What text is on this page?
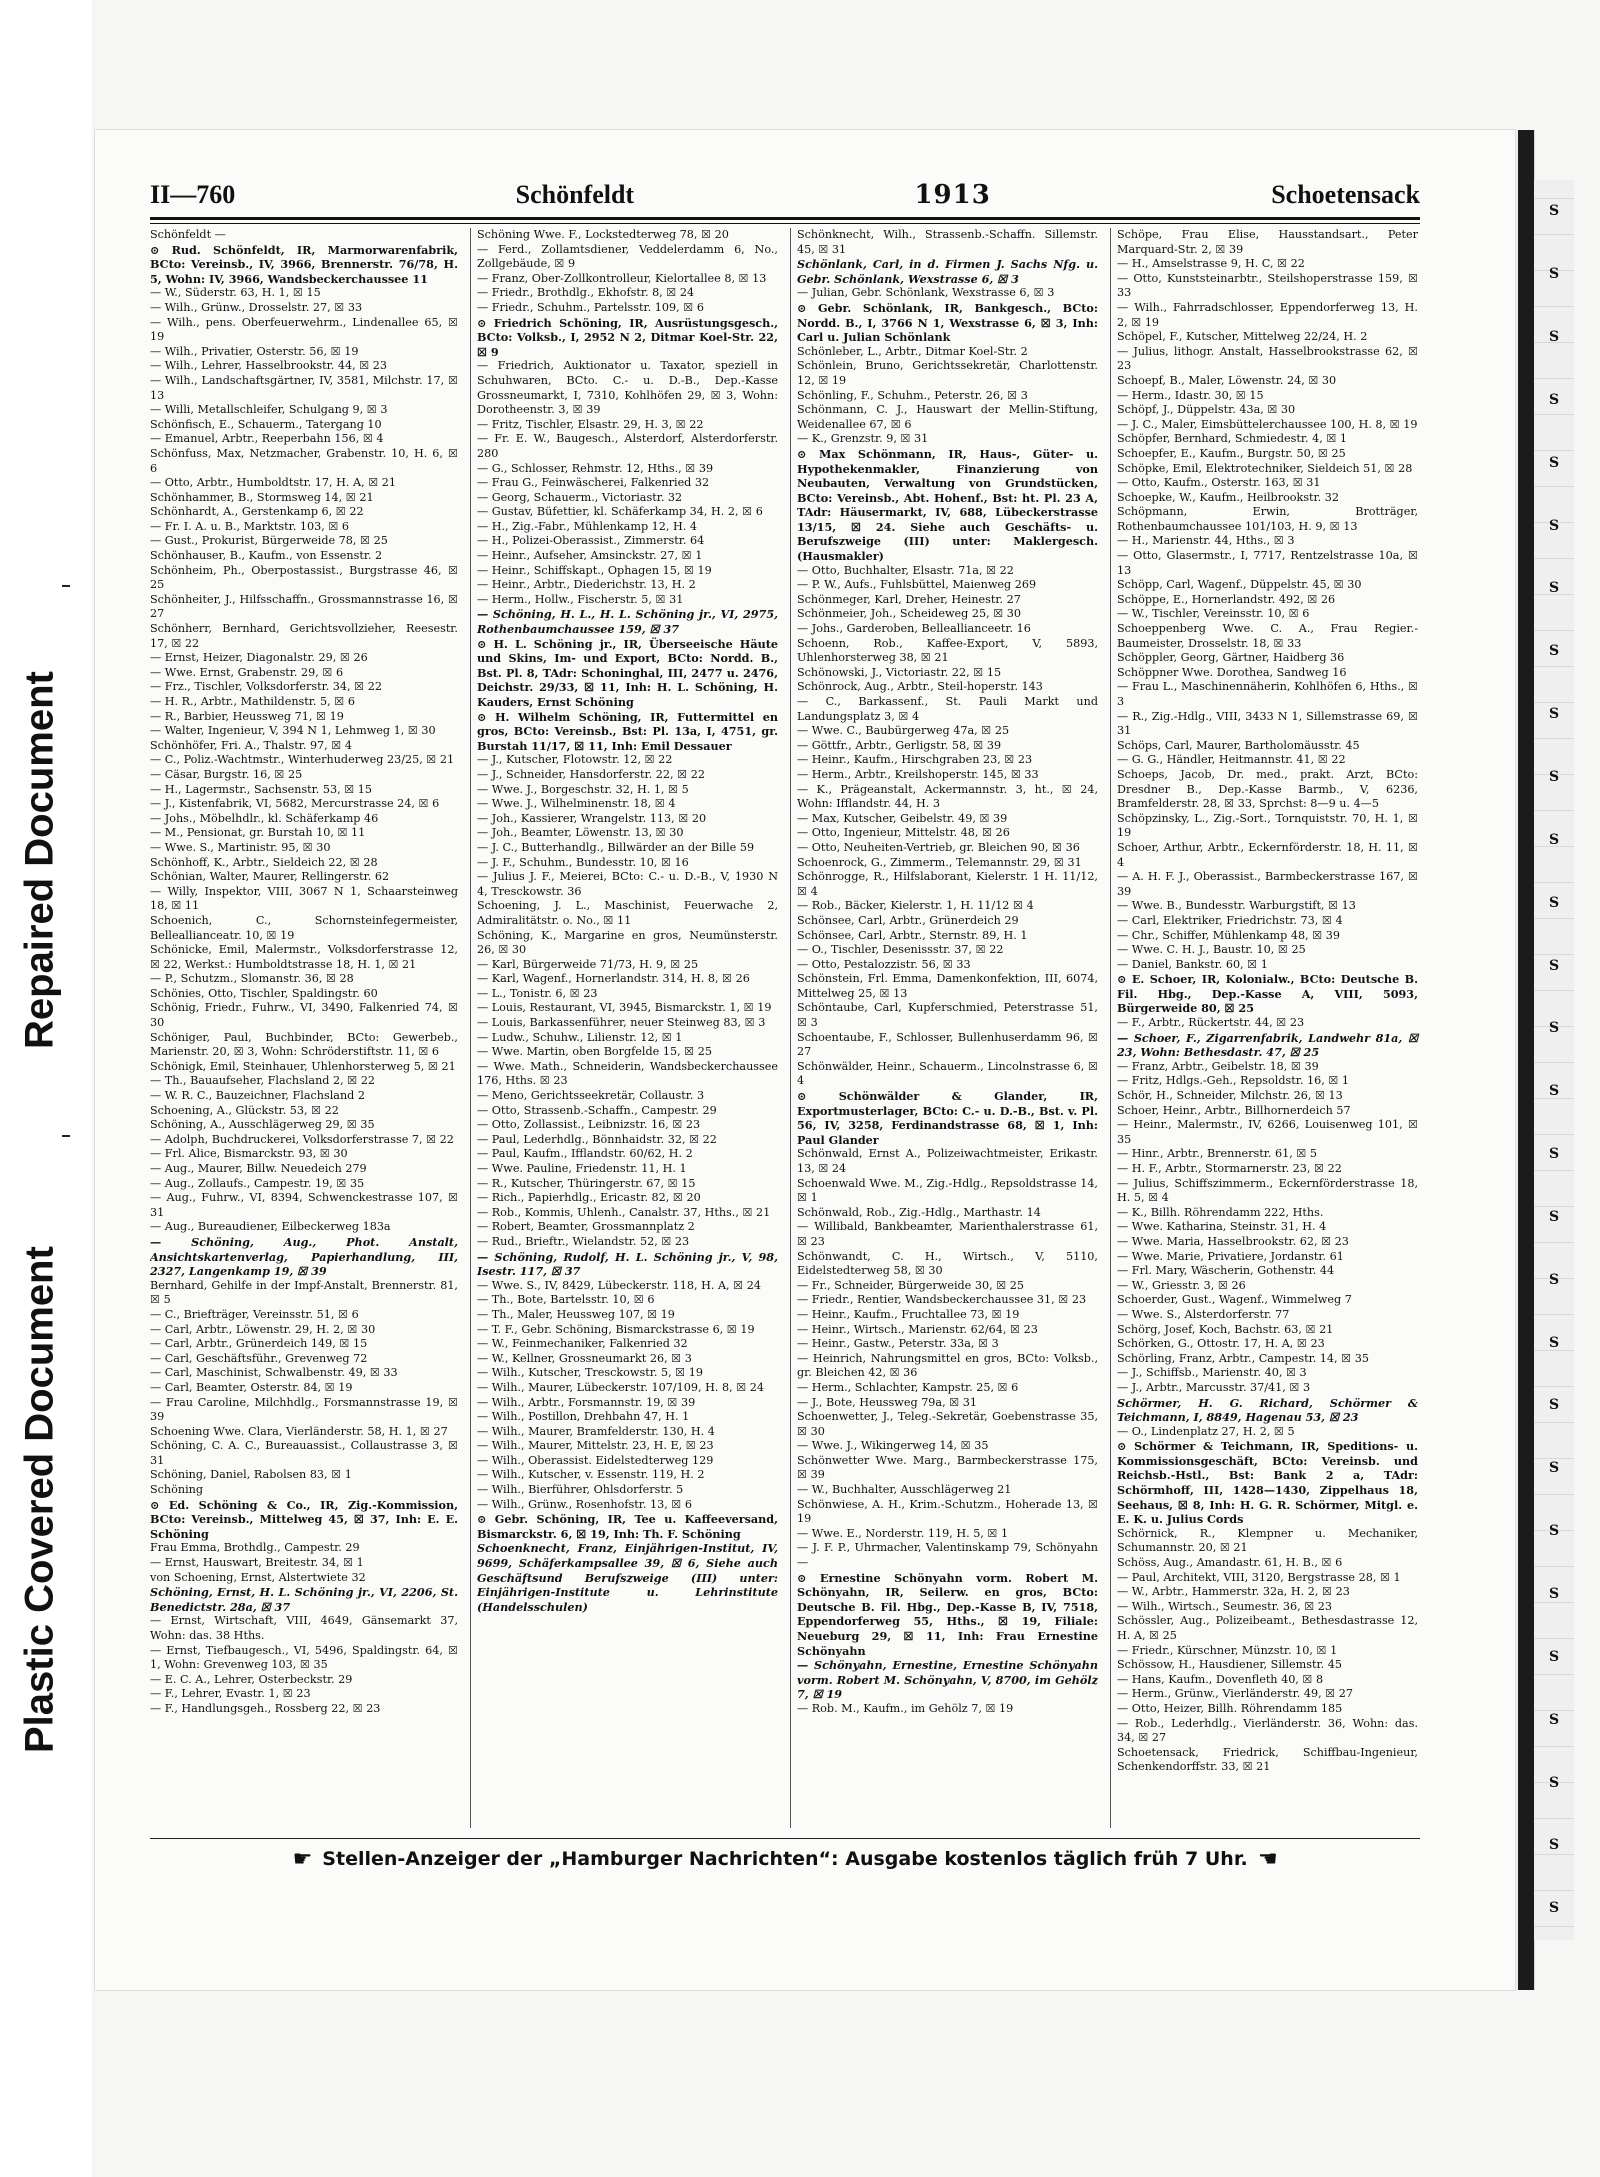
Repaired Document
Plastic Covered Document
S
S
S
S
S
S
S
S
S
S
S
S
S
S
S
S
S
S
S
S
S
S
S
S
S
S
S
S
II—760	Schönfeldt	1913	Schoetensack

Schönfeldt —

⊙ Rud. Schönfeldt, IR, Marmorwarenfabrik, BCto: Vereinsb., IV, 3966, Brennerstr. 76/78, H. 5, Wohn: IV, 3966, Wandsbeckerchaussee 11

— W., Süderstr. 63, H. 1, ☒ 15

— Wilh., Grünw., Drosselstr. 27, ☒ 33

— Wilh., pens. Oberfeuerwehrm., Lindenallee 65, ☒ 19

— Wilh., Privatier, Osterstr. 56, ☒ 19

— Wilh., Lehrer, Hasselbrookstr. 44, ☒ 23

— Wilh., Landschaftsgärtner, IV, 3581, Milchstr. 17, ☒ 13

— Willi, Metallschleifer, Schulgang 9, ☒ 3

Schönfisch, E., Schauerm., Tatergang 10

— Emanuel, Arbtr., Reeperbahn 156, ☒ 4

Schönfuss, Max, Netzmacher, Grabenstr. 10, H. 6, ☒ 6

— Otto, Arbtr., Humboldtstr. 17, H. A, ☒ 21

Schönhammer, B., Stormsweg 14, ☒ 21

Schönhardt, A., Gerstenkamp 6, ☒ 22

— Fr. I. A. u. B., Marktstr. 103, ☒ 6

— Gust., Prokurist, Bürgerweide 78, ☒ 25

Schönhauser, B., Kaufm., von Essenstr. 2

Schönheim, Ph., Oberpostassist., Burgstrasse 46, ☒ 25

Schönheiter, J., Hilfsschaffn., Grossmannstrasse 16, ☒ 27

Schönherr, Bernhard, Gerichtsvollzieher, Reesestr. 17, ☒ 22

— Ernst, Heizer, Diagonalstr. 29, ☒ 26

— Wwe. Ernst, Grabenstr. 29, ☒ 6

— Frz., Tischler, Volksdorferstr. 34, ☒ 22

— H. R., Arbtr., Mathildenstr. 5, ☒ 6

— R., Barbier, Heussweg 71, ☒ 19

— Walter, Ingenieur, V, 394 N 1, Lehmweg 1, ☒ 30

Schönhöfer, Fri. A., Thalstr. 97, ☒ 4

— C., Poliz.-Wachtmstr., Winterhuderweg 23/25, ☒ 21

— Cäsar, Burgstr. 16, ☒ 25

— H., Lagermstr., Sachsenstr. 53, ☒ 15

— J., Kistenfabrik, VI, 5682, Mercurstrasse 24, ☒ 6

— Johs., Möbelhdlr., kl. Schäferkamp 46

— M., Pensionat, gr. Burstah 10, ☒ 11

— Wwe. S., Martinistr. 95, ☒ 30

Schönhoff, K., Arbtr., Sieldeich 22, ☒ 28

Schönian, Walter, Maurer, Rellingerstr. 62

— Willy, Inspektor, VIII, 3067 N 1, Schaarsteinweg 18, ☒ 11

Schoenich, C., Schornsteinfegermeister, Belleallianceatr. 10, ☒ 19

Schönicke, Emil, Malermstr., Volksdorferstrasse 12, ☒ 22, Werkst.: Humboldtstrasse 18, H. 1, ☒ 21

— P., Schutzm., Slomanstr. 36, ☒ 28

Schönies, Otto, Tischler, Spaldingstr. 60

Schönig, Friedr., Fuhrw., VI, 3490, Falkenried 74, ☒ 30

Schöniger, Paul, Buchbinder, BCto: Gewerbeb., Marienstr. 20, ☒ 3, Wohn: Schröderstiftstr. 11, ☒ 6

Schönigk, Emil, Steinhauer, Uhlenhorsterweg 5, ☒ 21

— Th., Bauaufseher, Flachsland 2, ☒ 22

— W. R. C., Bauzeichner, Flachsland 2

Schoening, A., Glückstr. 53, ☒ 22

Schöning, A., Ausschlägerweg 29, ☒ 35

— Adolph, Buchdruckerei, Volksdorferstrasse 7, ☒ 22

— Frl. Alice, Bismarckstr. 93, ☒ 30

— Aug., Maurer, Billw. Neuedeich 279

— Aug., Zollaufs., Campestr. 19, ☒ 35

— Aug., Fuhrw., VI, 8394, Schwenckestrasse 107, ☒ 31

— Aug., Bureaudiener, Eilbeckerweg 183a

— Schöning, Aug., Phot. Anstalt, Ansichtskartenverlag, Papierhandlung, III, 2327, Langenkamp 19, ☒ 39

Bernhard, Gehilfe in der Impf-Anstalt, Brennerstr. 81, ☒ 5

— C., Briefträger, Vereinsstr. 51, ☒ 6

— Carl, Arbtr., Löwenstr. 29, H. 2, ☒ 30

— Carl, Arbtr., Grünerdeich 149, ☒ 15

— Carl, Geschäftsführ., Grevenweg 72

— Carl, Maschinist, Schwalbenstr. 49, ☒ 33

— Carl, Beamter, Osterstr. 84, ☒ 19

— Frau Caroline, Milchhdlg., Forsmannstrasse 19, ☒ 39

Schoening Wwe. Clara, Vierländerstr. 58, H. 1, ☒ 27

Schöning, C. A. C., Bureauassist., Collaustrasse 3, ☒ 31

Schöning, Daniel, Rabolsen 83, ☒ 1

Schöning

⊙ Ed. Schöning & Co., IR, Zig.-Kommission, BCto: Vereinsb., Mittelweg 45, ☒ 37, Inh: E. E. Schöning

Frau Emma, Brothdlg., Campestr. 29

— Ernst, Hauswart, Breitestr. 34, ☒ 1

von Schoening, Ernst, Alstertwiete 32

Schöning, Ernst, H. L. Schöning jr., VI, 2206, St. Benedictstr. 28a, ☒ 37

— Ernst, Wirtschaft, VIII, 4649, Gänsemarkt 37, Wohn: das. 38 Hths.

— Ernst, Tiefbaugesch., VI, 5496, Spaldingstr. 64, ☒ 1, Wohn: Grevenweg 103, ☒ 35

— E. C. A., Lehrer, Osterbeckstr. 29

— F., Lehrer, Evastr. 1, ☒ 23

— F., Handlungsgeh., Rossberg 22, ☒ 23

Schöning Wwe. F., Lockstedterweg 78, ☒ 20

— Ferd., Zollamtsdiener, Veddelerdamm 6, No., Zollgebäude, ☒ 9

— Franz, Ober-Zollkontrolleur, Kielortallee 8, ☒ 13

— Friedr., Brothdlg., Ekhofstr. 8, ☒ 24

— Friedr., Schuhm., Partelsstr. 109, ☒ 6

⊙ Friedrich Schöning, IR, Ausrüstungsgesch., BCto: Volksb., I, 2952 N 2, Ditmar Koel-Str. 22, ☒ 9

— Friedrich, Auktionator u. Taxator, speziell in Schuhwaren, BCto. C.- u. D.-B., Dep.-Kasse Grossneumarkt, I, 7310, Kohlhöfen 29, ☒ 3, Wohn: Dorotheenstr. 3, ☒ 39

— Fritz, Tischler, Elsastr. 29, H. 3, ☒ 22

— Fr. E. W., Baugesch., Alsterdorf, Alsterdorferstr. 280

— G., Schlosser, Rehmstr. 12, Hths., ☒ 39

— Frau G., Feinwäscherei, Falkenried 32

— Georg, Schauerm., Victoriastr. 32

— Gustav, Büfettier, kl. Schäferkamp 34, H. 2, ☒ 6

— H., Zig.-Fabr., Mühlenkamp 12, H. 4

— H., Polizei-Oberassist., Zimmerstr. 64

— Heinr., Aufseher, Amsinckstr. 27, ☒ 1

— Heinr., Schiffskapt., Ophagen 15, ☒ 19

— Heinr., Arbtr., Diederichstr. 13, H. 2

— Herm., Hollw., Fischerstr. 5, ☒ 31

— Schöning, H. L., H. L. Schöning jr., VI, 2975, Rothenbaumchaussee 159, ☒ 37

⊙ H. L. Schöning jr., IR, Überseeische Häute und Skins, Im- und Export, BCto: Nordd. B., Bst. Pl. 8, TAdr: Schoninghal, III, 2477 u. 2476, Deichstr. 29/33, ☒ 11, Inh: H. L. Schöning, H. Kauders, Ernst Schöning

⊙ H. Wilhelm Schöning, IR, Futtermittel en gros, BCto: Vereinsb., Bst: Pl. 13a, I, 4751, gr. Burstah 11/17, ☒ 11, Inh: Emil Dessauer

— J., Kutscher, Flotowstr. 12, ☒ 22

— J., Schneider, Hansdorferstr. 22, ☒ 22

— Wwe. J., Borgeschstr. 32, H. 1, ☒ 5

— Wwe. J., Wilhelminenstr. 18, ☒ 4

— Joh., Kassierer, Wrangelstr. 113, ☒ 20

— Joh., Beamter, Löwenstr. 13, ☒ 30

— J. C., Butterhandlg., Billwärder an der Bille 59

— J. F., Schuhm., Bundesstr. 10, ☒ 16

— Julius J. F., Meierei, BCto: C.- u. D.-B., V, 1930 N 4, Tresckowstr. 36

Schoening, J. L., Maschinist, Feuerwache 2, Admiralitätstr. o. No., ☒ 11

Schöning, K., Margarine en gros, Neumünsterstr. 26, ☒ 30

— Karl, Bürgerweide 71/73, H. 9, ☒ 25

— Karl, Wagenf., Hornerlandstr. 314, H. 8, ☒ 26

— L., Tonistr. 6, ☒ 23

— Louis, Restaurant, VI, 3945, Bismarckstr. 1, ☒ 19

— Louis, Barkassenführer, neuer Steinweg 83, ☒ 3

— Ludw., Schuhw., Lilienstr. 12, ☒ 1

— Wwe. Martin, oben Borgfelde 15, ☒ 25

— Wwe. Math., Schneiderin, Wandsbeckerchaussee 176, Hths. ☒ 23

— Meno, Gerichtsseekretär, Collaustr. 3

— Otto, Strassenb.-Schaffn., Campestr. 29

— Otto, Zollassist., Leibnizstr. 16, ☒ 23

— Paul, Lederhdlg., Bönnhaidstr. 32, ☒ 22

— Paul, Kaufm., Ifflandstr. 60/62, H. 2

— Wwe. Pauline, Friedenstr. 11, H. 1

— R., Kutscher, Thüringerstr. 67, ☒ 15

— Rich., Papierhdlg., Ericastr. 82, ☒ 20

— Rob., Kommis, Uhlenh., Canalstr. 37, Hths., ☒ 21

— Robert, Beamter, Grossmannplatz 2

— Rud., Brieftr., Wielandstr. 52, ☒ 23

— Schöning, Rudolf, H. L. Schöning jr., V, 98, Isestr. 117, ☒ 37

— Wwe. S., IV, 8429, Lübeckerstr. 118, H. A, ☒ 24

— Th., Bote, Bartelsstr. 10, ☒ 6

— Th., Maler, Heussweg 107, ☒ 19

— T. F., Gebr. Schöning, Bismarckstrasse 6, ☒ 19

— W., Feinmechaniker, Falkenried 32

— W., Kellner, Grossneumarkt 26, ☒ 3

— Wilh., Kutscher, Tresckowstr. 5, ☒ 19

— Wilh., Maurer, Lübeckerstr. 107/109, H. 8, ☒ 24

— Wilh., Arbtr., Forsmannstr. 19, ☒ 39

— Wilh., Postillon, Drehbahn 47, H. 1

— Wilh., Maurer, Bramfelderstr. 130, H. 4

— Wilh., Maurer, Mittelstr. 23, H. E, ☒ 23

— Wilh., Oberassist. Eidelstedterweg 129

— Wilh., Kutscher, v. Essenstr. 119, H. 2

— Wilh., Bierführer, Ohlsdorferstr. 5

— Wilh., Grünw., Rosenhofstr. 13, ☒ 6

⊙ Gebr. Schöning, IR, Tee u. Kaffeeversand, Bismarckstr. 6, ☒ 19, Inh: Th. F. Schöning

Schoenknecht, Franz, Einjährigen-Institut, IV, 9699, Schäferkampsallee 39, ☒ 6, Siehe auch Geschäftsund Berufszweige (III) unter: Einjährigen-Institute u. Lehrinstitute (Handelsschulen)

Schönknecht, Wilh., Strassenb.-Schaffn. Sillemstr. 45, ☒ 31

Schönlank, Carl, in d. Firmen J. Sachs Nfg. u. Gebr. Schönlank, Wexstrasse 6, ☒ 3

— Julian, Gebr. Schönlank, Wexstrasse 6, ☒ 3

⊙ Gebr. Schönlank, IR, Bankgesch., BCto: Nordd. B., I, 3766 N 1, Wexstrasse 6, ☒ 3, Inh: Carl u. Julian Schönlank

Schönleber, L., Arbtr., Ditmar Koel-Str. 2

Schönlein, Bruno, Gerichtssekretär, Charlottenstr. 12, ☒ 19

Schönling, F., Schuhm., Peterstr. 26, ☒ 3

Schönmann, C. J., Hauswart der Mellin-Stiftung, Weidenallee 67, ☒ 6

— K., Grenzstr. 9, ☒ 31

⊙ Max Schönmann, IR, Haus-, Güter- u. Hypothekenmakler, Finanzierung von Neubauten, Verwaltung von Grundstücken, BCto: Vereinsb., Abt. Hohenf., Bst: ht. Pl. 23 A, TAdr: Häusermarkt, IV, 688, Lübeckerstrasse 13/15, ☒ 24. Siehe auch Geschäfts- u. Berufszweige (III) unter: Maklergesch. (Hausmakler)

— Otto, Buchhalter, Elsastr. 71a, ☒ 22

— P. W., Aufs., Fuhlsbüttel, Maienweg 269

Schönmeger, Karl, Dreher, Heinestr. 27

Schönmeier, Joh., Scheideweg 25, ☒ 30

— Johs., Garderoben, Belleallianceetr. 16

Schoenn, Rob., Kaffee-Export, V, 5893, Uhlenhorsterweg 38, ☒ 21

Schönowski, J., Victoriastr. 22, ☒ 15

Schönrock, Aug., Arbtr., Steil-hoperstr. 143

— C., Barkassenf., St. Pauli Markt und Landungsplatz 3, ☒ 4

— Wwe. C., Baubürgerweg 47a, ☒ 25

— Göttfr., Arbtr., Gerligstr. 58, ☒ 39

— Heinr., Kaufm., Hirschgraben 23, ☒ 23

— Herm., Arbtr., Kreilshoperstr. 145, ☒ 33

— K., Prägeanstalt, Ackermannstr. 3, ht., ☒ 24, Wohn: Ifflandstr. 44, H. 3

— Max, Kutscher, Geibelstr. 49, ☒ 39

— Otto, Ingenieur, Mittelstr. 48, ☒ 26

— Otto, Neuheiten-Vertrieb, gr. Bleichen 90, ☒ 36

Schoenrock, G., Zimmerm., Telemannstr. 29, ☒ 31

Schönrogge, R., Hilfslaborant, Kielerstr. 1 H. 11/12, ☒ 4

— Rob., Bäcker, Kielerstr. 1, H. 11/12 ☒ 4

Schönsee, Carl, Arbtr., Grünerdeich 29

Schönsee, Carl, Arbtr., Sternstr. 89, H. 1

— O., Tischler, Desenissstr. 37, ☒ 22

— Otto, Pestalozzistr. 56, ☒ 33

Schönstein, Frl. Emma, Damenkonfektion, III, 6074, Mittelweg 25, ☒ 13

Schöntaube, Carl, Kupferschmied, Peterstrasse 51, ☒ 3

Schoentaube, F., Schlosser, Bullenhuserdamm 96, ☒ 27

Schönwälder, Heinr., Schauerm., Lincolnstrasse 6, ☒ 4

⊙ Schönwälder & Glander, IR, Exportmusterlager, BCto: C.- u. D.-B., Bst. v. Pl. 56, IV, 3258, Ferdinandstrasse 68, ☒ 1, Inh: Paul Glander

Schönwald, Ernst A., Polizeiwachtmeister, Erikastr. 13, ☒ 24

Schoenwald Wwe. M., Zig.-Hdlg., Repsoldstrasse 14, ☒ 1

Schönwald, Rob., Zig.-Hdlg., Marthastr. 14

— Willibald, Bankbeamter, Marienthalerstrasse 61, ☒ 23

Schönwandt, C. H., Wirtsch., V, 5110, Eidelstedterweg 58, ☒ 30

— Fr., Schneider, Bürgerweide 30, ☒ 25

— Friedr., Rentier, Wandsbeckerchaussee 31, ☒ 23

— Heinr., Kaufm., Fruchtallee 73, ☒ 19

— Heinr., Wirtsch., Marienstr. 62/64, ☒ 23

— Heinr., Gastw., Peterstr. 33a, ☒ 3

— Heinrich, Nahrungsmittel en gros, BCto: Volksb., gr. Bleichen 42, ☒ 36

— Herm., Schlachter, Kampstr. 25, ☒ 6

— J., Bote, Heussweg 79a, ☒ 31

Schoenwetter, J., Teleg.-Sekretär, Goebenstrasse 35, ☒ 30

— Wwe. J., Wikingerweg 14, ☒ 35

Schönwetter Wwe. Marg., Barmbeckerstrasse 175, ☒ 39

— W., Buchhalter, Ausschlägerweg 21

Schönwiese, A. H., Krim.-Schutzm., Hoherade 13, ☒ 19

— Wwe. E., Norderstr. 119, H. 5, ☒ 1

— J. F. P., Uhrmacher, Valentinskamp 79, Schönyahn —

⊙ Ernestine Schönyahn vorm. Robert M. Schönyahn, IR, Seilerw. en gros, BCto: Deutsche B. Fil. Hbg., Dep.-Kasse B, IV, 7518, Eppendorferweg 55, Hths., ☒ 19, Filiale: Neueburg 29, ☒ 11, Inh: Frau Ernestine Schönyahn

— Schönyahn, Ernestine, Ernestine Schönyahn vorm. Robert M. Schönyahn, V, 8700, im Gehölz 7, ☒ 19

— Rob. M., Kaufm., im Gehölz 7, ☒ 19

Schöpe, Frau Elise, Hausstandsart., Peter Marquard-Str. 2, ☒ 39

— H., Amselstrasse 9, H. C, ☒ 22

— Otto, Kunststeinarbtr., Steilshoperstrasse 159, ☒ 33

— Wilh., Fahrradschlosser, Eppendorferweg 13, H. 2, ☒ 19

Schöpel, F., Kutscher, Mittelweg 22/24, H. 2

— Julius, lithogr. Anstalt, Hasselbrookstrasse 62, ☒ 23

Schoepf, B., Maler, Löwenstr. 24, ☒ 30

— Herm., Idastr. 30, ☒ 15

Schöpf, J., Düppelstr. 43a, ☒ 30

— J. C., Maler, Eimsbüttelerchaussee 100, H. 8, ☒ 19

Schöpfer, Bernhard, Schmiedestr. 4, ☒ 1

Schoepfer, E., Kaufm., Burgstr. 50, ☒ 25

Schöpke, Emil, Elektrotechniker, Sieldeich 51, ☒ 28

— Otto, Kaufm., Osterstr. 163, ☒ 31

Schoepke, W., Kaufm., Heilbrookstr. 32

Schöpmann, Erwin, Brotträger, Rothenbaumchaussee 101/103, H. 9, ☒ 13

— H., Marienstr. 44, Hths., ☒ 3

— Otto, Glasermstr., I, 7717, Rentzelstrasse 10a, ☒ 13

Schöpp, Carl, Wagenf., Düppelstr. 45, ☒ 30

Schöppe, E., Hornerlandstr. 492, ☒ 26

— W., Tischler, Vereinsstr. 10, ☒ 6

Schoeppenberg Wwe. C. A., Frau Regier.-Baumeister, Drosselstr. 18, ☒ 33

Schöppler, Georg, Gärtner, Haidberg 36

Schöppner Wwe. Dorothea, Sandweg 16

— Frau L., Maschinennäherin, Kohlhöfen 6, Hths., ☒ 3

— R., Zig.-Hdlg., VIII, 3433 N 1, Sillemstrasse 69, ☒ 31

Schöps, Carl, Maurer, Bartholomäusstr. 45

— G. G., Händler, Heitmannstr. 41, ☒ 22

Schoeps, Jacob, Dr. med., prakt. Arzt, BCto: Dresdner B., Dep.-Kasse Barmb., V, 6236, Bramfelderstr. 28, ☒ 33, Sprchst: 8—9 u. 4—5

Schöpzinsky, L., Zig.-Sort., Tornquiststr. 70, H. 1, ☒ 19

Schoer, Arthur, Arbtr., Eckernförderstr. 18, H. 11, ☒ 4

— A. H. F. J., Oberassist., Barmbeckerstrasse 167, ☒ 39

— Wwe. B., Bundesstr. Warburgstift, ☒ 13

— Carl, Elektriker, Friedrichstr. 73, ☒ 4

— Chr., Schiffer, Mühlenkamp 48, ☒ 39

— Wwe. C. H. J., Baustr. 10, ☒ 25

— Daniel, Bankstr. 60, ☒ 1

⊙ E. Schoer, IR, Kolonialw., BCto: Deutsche B. Fil. Hbg., Dep.-Kasse A, VIII, 5093, Bürgerweide 80, ☒ 25

— F., Arbtr., Rückertstr. 44, ☒ 23

— Schoer, F., Zigarrenfabrik, Landwehr 81a, ☒ 23, Wohn: Bethesdastr. 47, ☒ 25

— Franz, Arbtr., Geibelstr. 18, ☒ 39

— Fritz, Hdlgs.-Geh., Repsoldstr. 16, ☒ 1

Schör, H., Schneider, Milchstr. 26, ☒ 13

Schoer, Heinr., Arbtr., Billhornerdeich 57

— Heinr., Malermstr., IV, 6266, Louisenweg 101, ☒ 35

— Hinr., Arbtr., Brennerstr. 61, ☒ 5

— H. F., Arbtr., Stormarnerstr. 23, ☒ 22

— Julius, Schiffszimmerm., Eckernförderstrasse 18, H. 5, ☒ 4

— K., Billh. Röhrendamm 222, Hths.

— Wwe. Katharina, Steinstr. 31, H. 4

— Wwe. Maria, Hasselbrookstr. 62, ☒ 23

— Wwe. Marie, Privatiere, Jordanstr. 61

— Frl. Mary, Wäscherin, Gothenstr. 44

— W., Griesstr. 3, ☒ 26

Schoerder, Gust., Wagenf., Wimmelweg 7

— Wwe. S., Alsterdorferstr. 77

Schörg, Josef, Koch, Bachstr. 63, ☒ 21

Schörken, G., Ottostr. 17, H. A, ☒ 23

Schörling, Franz, Arbtr., Campestr. 14, ☒ 35

— J., Schiffsb., Marienstr. 40, ☒ 3

— J., Arbtr., Marcusstr. 37/41, ☒ 3

Schörmer, H. G. Richard, Schörmer & Teichmann, I, 8849, Hagenau 53, ☒ 23

— O., Lindenplatz 27, H. 2, ☒ 5

⊙ Schörmer & Teichmann, IR, Speditions- u. Kommissionsgeschäft, BCto: Vereinsb. und Reichsb.-Hstl., Bst: Bank 2 a, TAdr: Schörmhoff, III, 1428—1430, Zippelhaus 18, Seehaus, ☒ 8, Inh: H. G. R. Schörmer, Mitgl. e. E. K. u. Julius Cords

Schörnick, R., Klempner u. Mechaniker, Schumannstr. 20, ☒ 21

Schöss, Aug., Amandastr. 61, H. B., ☒ 6

— Paul, Architekt, VIII, 3120, Bergstrasse 28, ☒ 1

— W., Arbtr., Hammerstr. 32a, H. 2, ☒ 23

— Wilh., Wirtsch., Seumestr. 36, ☒ 23

Schössler, Aug., Polizeibeamt., Bethesdastrasse 12, H. A, ☒ 25

— Friedr., Kürschner, Münzstr. 10, ☒ 1

Schössow, H., Hausdiener, Sillemstr. 45

— Hans, Kaufm., Dovenfleth 40, ☒ 8

— Herm., Grünw., Vierländerstr. 49, ☒ 27

— Otto, Heizer, Billh. Röhrendamm 185

— Rob., Lederhdlg., Vierländerstr. 36, Wohn: das. 34, ☒ 27

Schoetensack, Friedrick, Schiffbau-Ingenieur, Schenkendorffstr. 33, ☒ 21

☛ Stellen-Anzeiger der „Hamburger Nachrichten“: Ausgabe kostenlos täglich früh 7 Uhr. ☛
